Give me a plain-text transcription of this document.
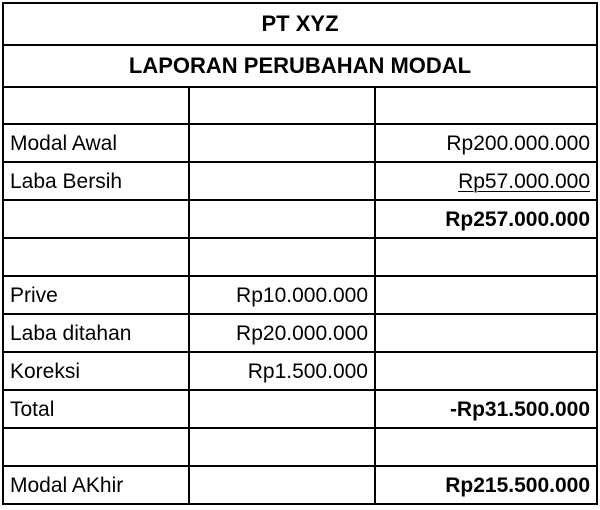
PT XYZ		
LAPORAN PERUBAHAN MODAL		

Modal Awal		Rp200.000.000
Laba Bersih		Rp57.000.000
		Rp257.000.000

Prive	Rp10.000.000	
Laba ditahan	Rp20.000.000	
Koreksi	Rp1.500.000	
Total		-Rp31.500.000

Modal AKhir		Rp215.500.000
